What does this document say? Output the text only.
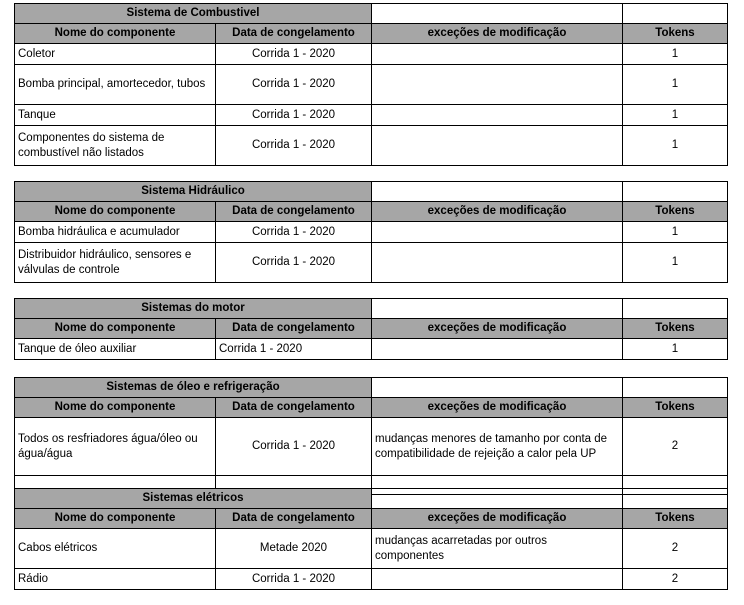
Sistema de Combustivel			
Nome do componente	Data de congelamento	exceções de modificação	Tokens
Coletor	Corrida 1 - 2020		1
Bomba principal, amortecedor, tubos	Corrida 1 - 2020		1
Tanque	Corrida 1 - 2020		1
Componentes do sistema de combustível não listados	Corrida 1 - 2020		1
Sistema Hidráulico			
Nome do componente	Data de congelamento	exceções de modificação	Tokens
Bomba hidráulica e acumulador	Corrida 1 - 2020		1
Distribuidor hidráulico, sensores e válvulas de controle	Corrida 1 - 2020		1
Sistemas do motor			
Nome do componente	Data de congelamento	exceções de modificação	Tokens
Tanque de óleo auxiliar	Corrida 1 - 2020		1
Sistemas de óleo e refrigeração			
Nome do componente	Data de congelamento	exceções de modificação	Tokens
Todos os resfriadores água/óleo ou água/água	Corrida 1 - 2020	mudanças menores de tamanho por conta de compatibilidade de rejeição a calor pela UP	2

Sistemas elétricos			
Nome do componente	Data de congelamento	exceções de modificação	Tokens
Cabos elétricos	Metade 2020	mudanças acarretadas por outros componentes	2
Rádio	Corrida 1 - 2020		2
